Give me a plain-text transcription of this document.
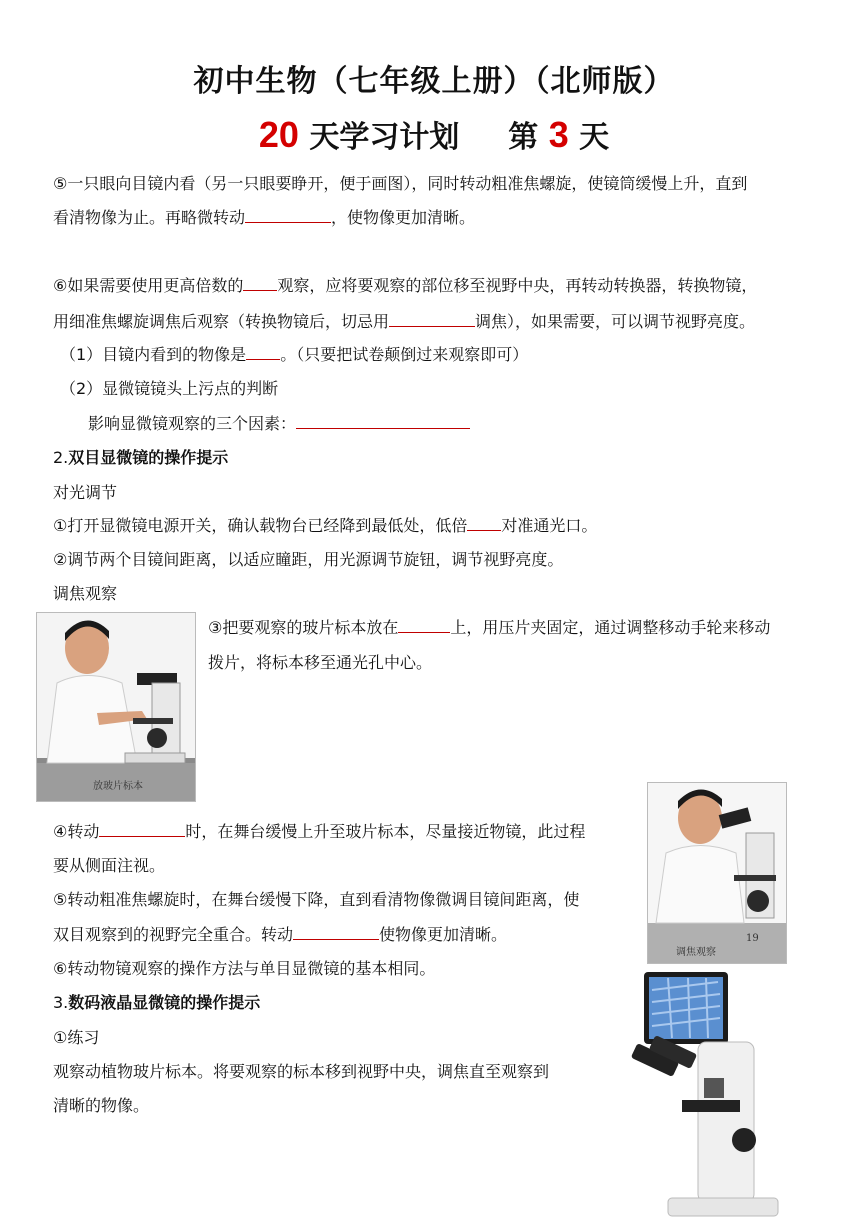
初中生物（七年级上册）（北师版）
20 天学习计划 第 3 天
⑤一只眼向目镜内看（另一只眼要睁开，便于画图），同时转动粗准焦螺旋，使镜筒缓慢上升，直到
看清物像为止。再略微转动	，使物像更加清晰。
⑥如果需要使用更高倍数的 观察，应将要观察的部位移至视野中央，再转动转换器，转换物镜，
用细准焦螺旋调焦后观察（转换物镜后，切忌用	调焦），如果需要，可以调节视野亮度。
（1）目镜内看到的物像是 。（只要把试卷颠倒过来观察即可）
（2）显微镜镜头上污点的判断
影响显微镜观察的三个因素：
2.双目显微镜的操作提示
对光调节
①打开显微镜电源开关，确认载物台已经降到最低处，低倍 对准通光口。
②调节两个目镜间距离，以适应瞳距，用光源调节旋钮，调节视野亮度。
调焦观察
放玻片标本
③把要观察的玻片标本放在	上，用压片夹固定，通过调整移动手轮来移动
拨片，将标本移至通光孔中心。
调焦观察
19
④转动	时，在舞台缓慢上升至玻片标本，尽量接近物镜，此过程
要从侧面注视。
⑤转动粗准焦螺旋时，在舞台缓慢下降，直到看清物像微调目镜间距离，使
双目观察到的视野完全重合。转动	使物像更加清晰。
⑥转动物镜观察的操作方法与单目显微镜的基本相同。
3.数码液晶显微镜的操作提示
①练习
观察动植物玻片标本。将要观察的标本移到视野中央，调焦直至观察到
清晰的物像。
